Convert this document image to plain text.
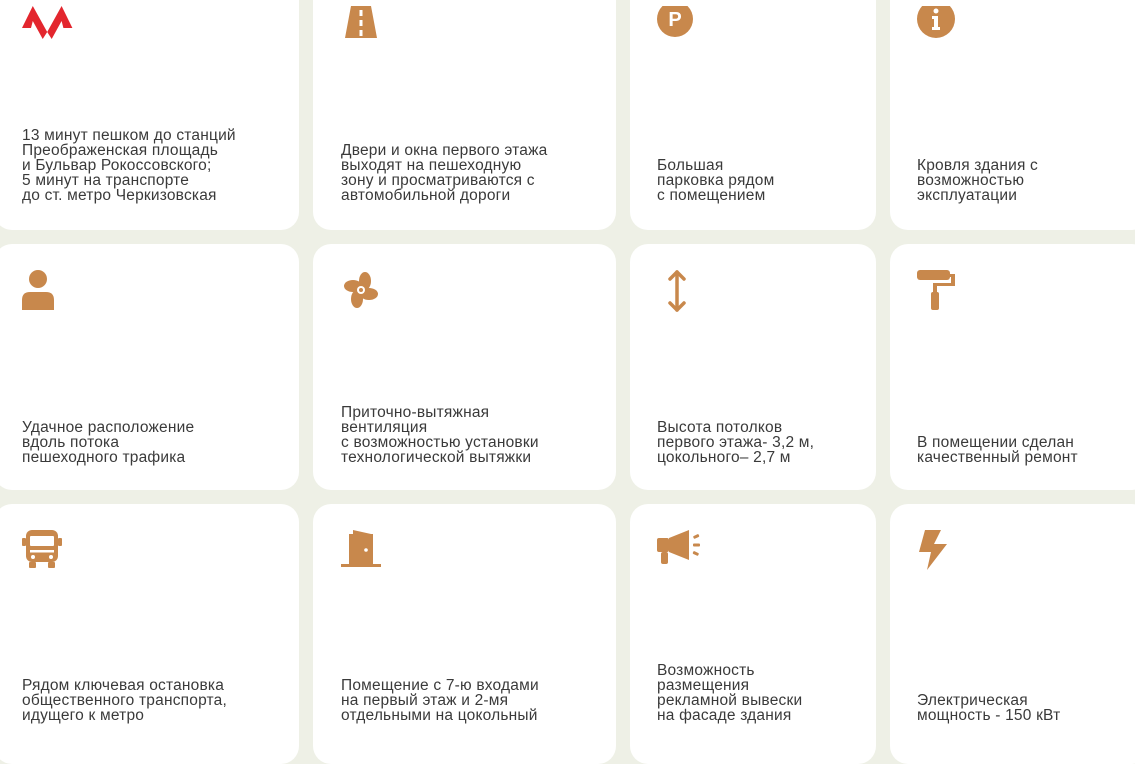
13 минут пешком до станций
Преображенская площадь
и Бульвар Рокоссовского;
5 минут на транспорте
до ст. метро Черкизовская
Двери и окна первого этажа
выходят на пешеходную
зону и просматриваются с
автомобильной дороги
P
Большая
парковка рядом
с помещением
Кровля здания с
возможностью
эксплуатации
Удачное расположение
вдоль потока
пешеходного трафика
Приточно-вытяжная
вентиляция
с возможностью установки
технологической вытяжки
Высота потолков
первого этажа- 3,2 м,
цокольного– 2,7 м
В помещении сделан
качественный ремонт
Рядом ключевая остановка
общественного транспорта,
идущего к метро
Помещение с 7-ю входами
на первый этаж и 2-мя
отдельными на цокольный
Возможность
размещения
рекламной вывески
на фасаде здания
Электрическая
мощность - 150 кВт
